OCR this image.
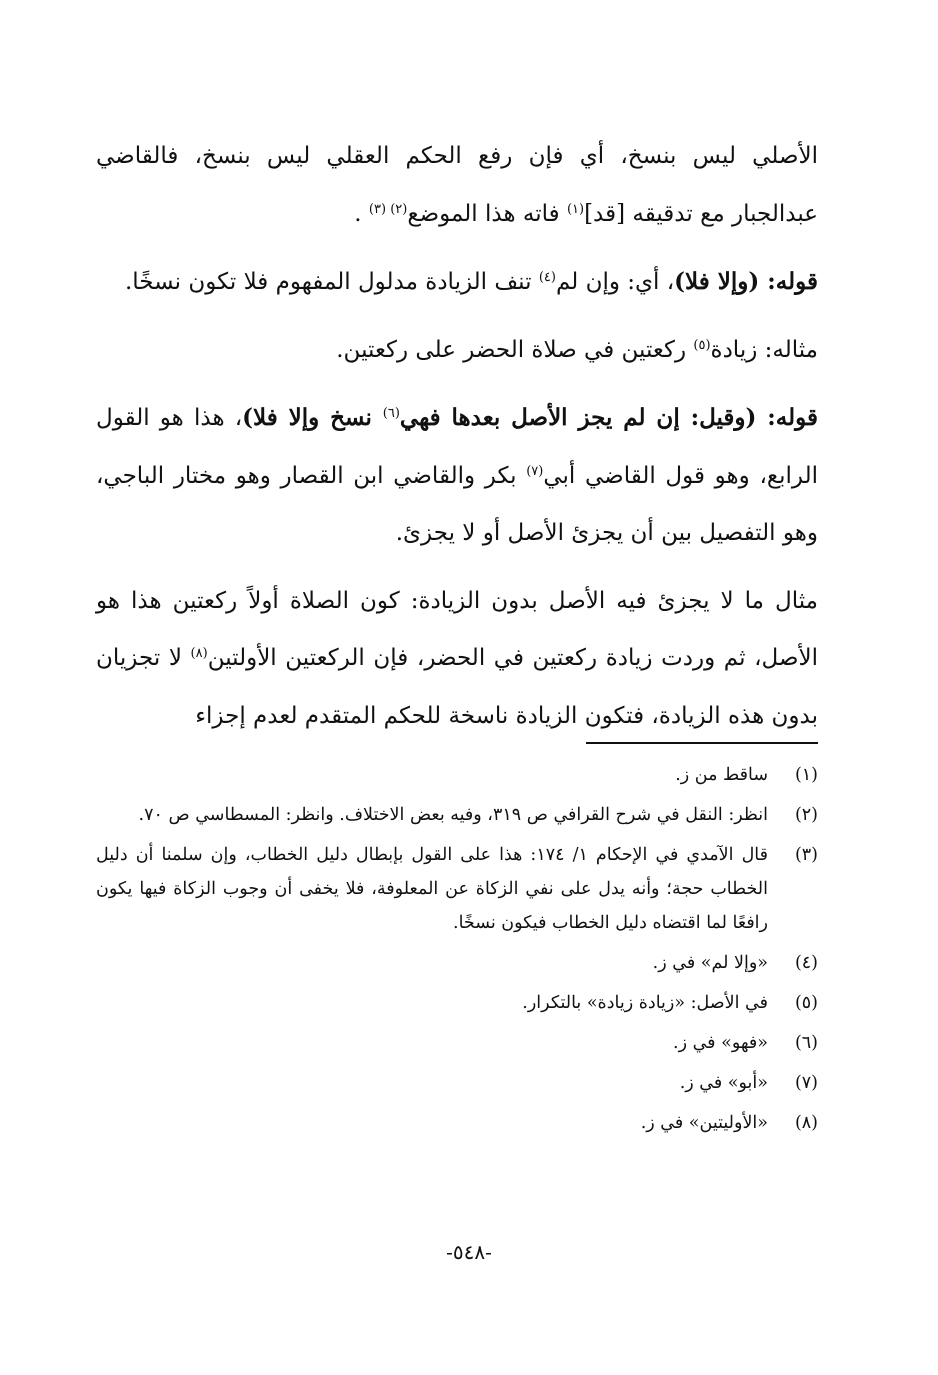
الأصلي ليس بنسخ، أي فإن رفع الحكم العقلي ليس بنسخ، فالقاضي عبدالجبار مع تدقيقه [قد]$^{(١)}$ فاته هذا الموضع$^{(٢)}$ $^{(٣)}$ .

قوله: (وإلا فلا)، أي: وإن لم$^{(٤)}$ تنف الزيادة مدلول المفهوم فلا تكون نسخًا.

مثاله: زيادة$^{(٥)}$ ركعتين في صلاة الحضر على ركعتين.

قوله: (وقيل: إن لم يجز الأصل بعدها فهي$^{(٦)}$ نسخ وإلا فلا)، هذا هو القول الرابع، وهو قول القاضي أبي$^{(٧)}$ بكر والقاضي ابن القصار وهو مختار الباجي، وهو التفصيل بين أن يجزئ الأصل أو لا يجزئ.

مثال ما لا يجزئ فيه الأصل بدون الزيادة: كون الصلاة أولاً ركعتين هذا هو الأصل، ثم وردت زيادة ركعتين في الحضر، فإن الركعتين الأولتين$^{(٨)}$ لا تجزيان بدون هذه الزيادة، فتكون الزيادة ناسخة للحكم المتقدم لعدم إجزاء

(١)
ساقط من ز.
(٢)
انظر: النقل في شرح القرافي ص ٣١٩، وفيه بعض الاختلاف. وانظر: المسطاسي ص ٧٠.
(٣)
قال الآمدي في الإحكام ١/ ١٧٤: هذا على القول بإبطال دليل الخطاب، وإن سلمنا أن دليل الخطاب حجة؛ وأنه يدل على نفي الزكاة عن المعلوفة، فلا يخفى أن وجوب الزكاة فيها يكون رافعًا لما اقتضاه دليل الخطاب فيكون نسخًا.
(٤)
«وإلا لم» في ز.
(٥)
في الأصل: «زيادة زيادة» بالتكرار.
(٦)
«فهو» في ز.
(٧)
«أبو» في ز.
(٨)
«الأوليتين» في ز.
-٥٤٨-
